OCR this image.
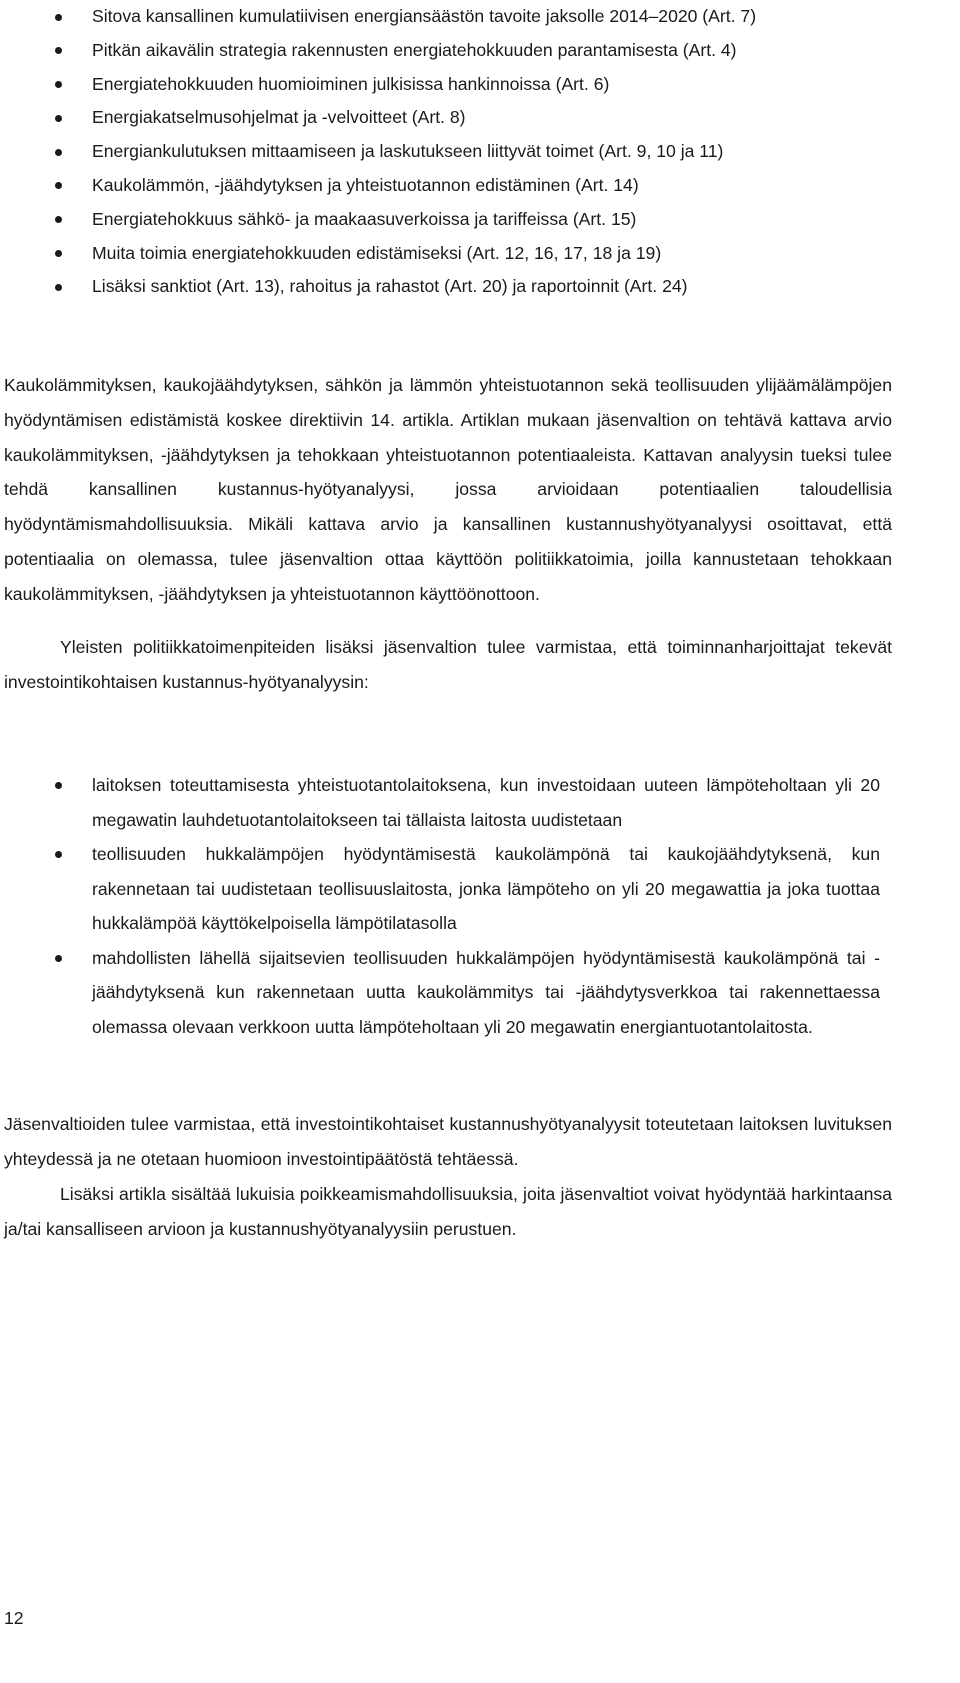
Sitova kansallinen kumulatiivisen energiansäästön tavoite jaksolle 2014–2020 (Art. 7)
Pitkän aikavälin strategia rakennusten energiatehokkuuden parantamisesta (Art. 4)
Energiatehokkuuden huomioiminen julkisissa hankinnoissa (Art. 6)
Energiakatselmusohjelmat ja -velvoitteet (Art. 8)
Energiankulutuksen mittaamiseen ja laskutukseen liittyvät toimet (Art. 9, 10 ja 11)
Kaukolämmön, -jäähdytyksen ja yhteistuotannon edistäminen (Art. 14)
Energiatehokkuus sähkö- ja maakaasuverkoissa ja tariffeissa (Art. 15)
Muita toimia energiatehokkuuden edistämiseksi (Art. 12, 16, 17, 18 ja 19)
Lisäksi sanktiot (Art. 13), rahoitus ja rahastot (Art. 20) ja raportoinnit (Art. 24)

Kaukolämmityksen, kaukojäähdytyksen, sähkön ja lämmön yhteistuotannon sekä teollisuuden ylijäämälämpöjen hyödyntämisen edistämistä koskee direktiivin 14. artikla. Artiklan mukaan jäsenvaltion on tehtävä kattava arvio kaukolämmityksen, -jäähdytyksen ja tehokkaan yhteistuotannon potentiaaleista. Kattavan analyysin tueksi tulee tehdä kansallinen kustannus-hyötyanalyysi, jossa arvioidaan potentiaalien taloudellisia hyödyntämismahdollisuuksia. Mikäli kattava arvio ja kansallinen kustannushyötyanalyysi osoittavat, että potentiaalia on olemassa, tulee jäsenvaltion ottaa käyttöön politiikkatoimia, joilla kannustetaan tehokkaan kaukolämmityksen, -jäähdytyksen ja yhteistuotannon käyttöönottoon.

Yleisten politiikkatoimenpiteiden lisäksi jäsenvaltion tulee varmistaa, että toiminnanharjoittajat tekevät investointikohtaisen kustannus-hyötyanalyysin:

laitoksen toteuttamisesta yhteistuotantolaitoksena, kun investoidaan uuteen lämpöteholtaan yli 20 megawatin lauhdetuotantolaitokseen tai tällaista laitosta uudistetaan
teollisuuden hukkalämpöjen hyödyntämisestä kaukolämpönä tai kaukojäähdytyksenä, kun rakennetaan tai uudistetaan teollisuuslaitosta, jonka lämpöteho on yli 20 megawattia ja joka tuottaa hukkalämpöä käyttökelpoisella lämpötilatasolla
mahdollisten lähellä sijaitsevien teollisuuden hukkalämpöjen hyödyntämisestä kaukolämpönä tai -jäähdytyksenä kun rakennetaan uutta kaukolämmitys tai -jäähdytysverkkoa tai rakennettaessa olemassa olevaan verkkoon uutta lämpöteholtaan yli 20 megawatin energiantuotantolaitosta.

Jäsenvaltioiden tulee varmistaa, että investointikohtaiset kustannushyötyanalyysit toteutetaan laitoksen luvituksen yhteydessä ja ne otetaan huomioon investointipäätöstä tehtäessä.

Lisäksi artikla sisältää lukuisia poikkeamismahdollisuuksia, joita jäsenvaltiot voivat hyödyntää harkintaansa ja/tai kansalliseen arvioon ja kustannushyötyanalyysiin perustuen.

12
